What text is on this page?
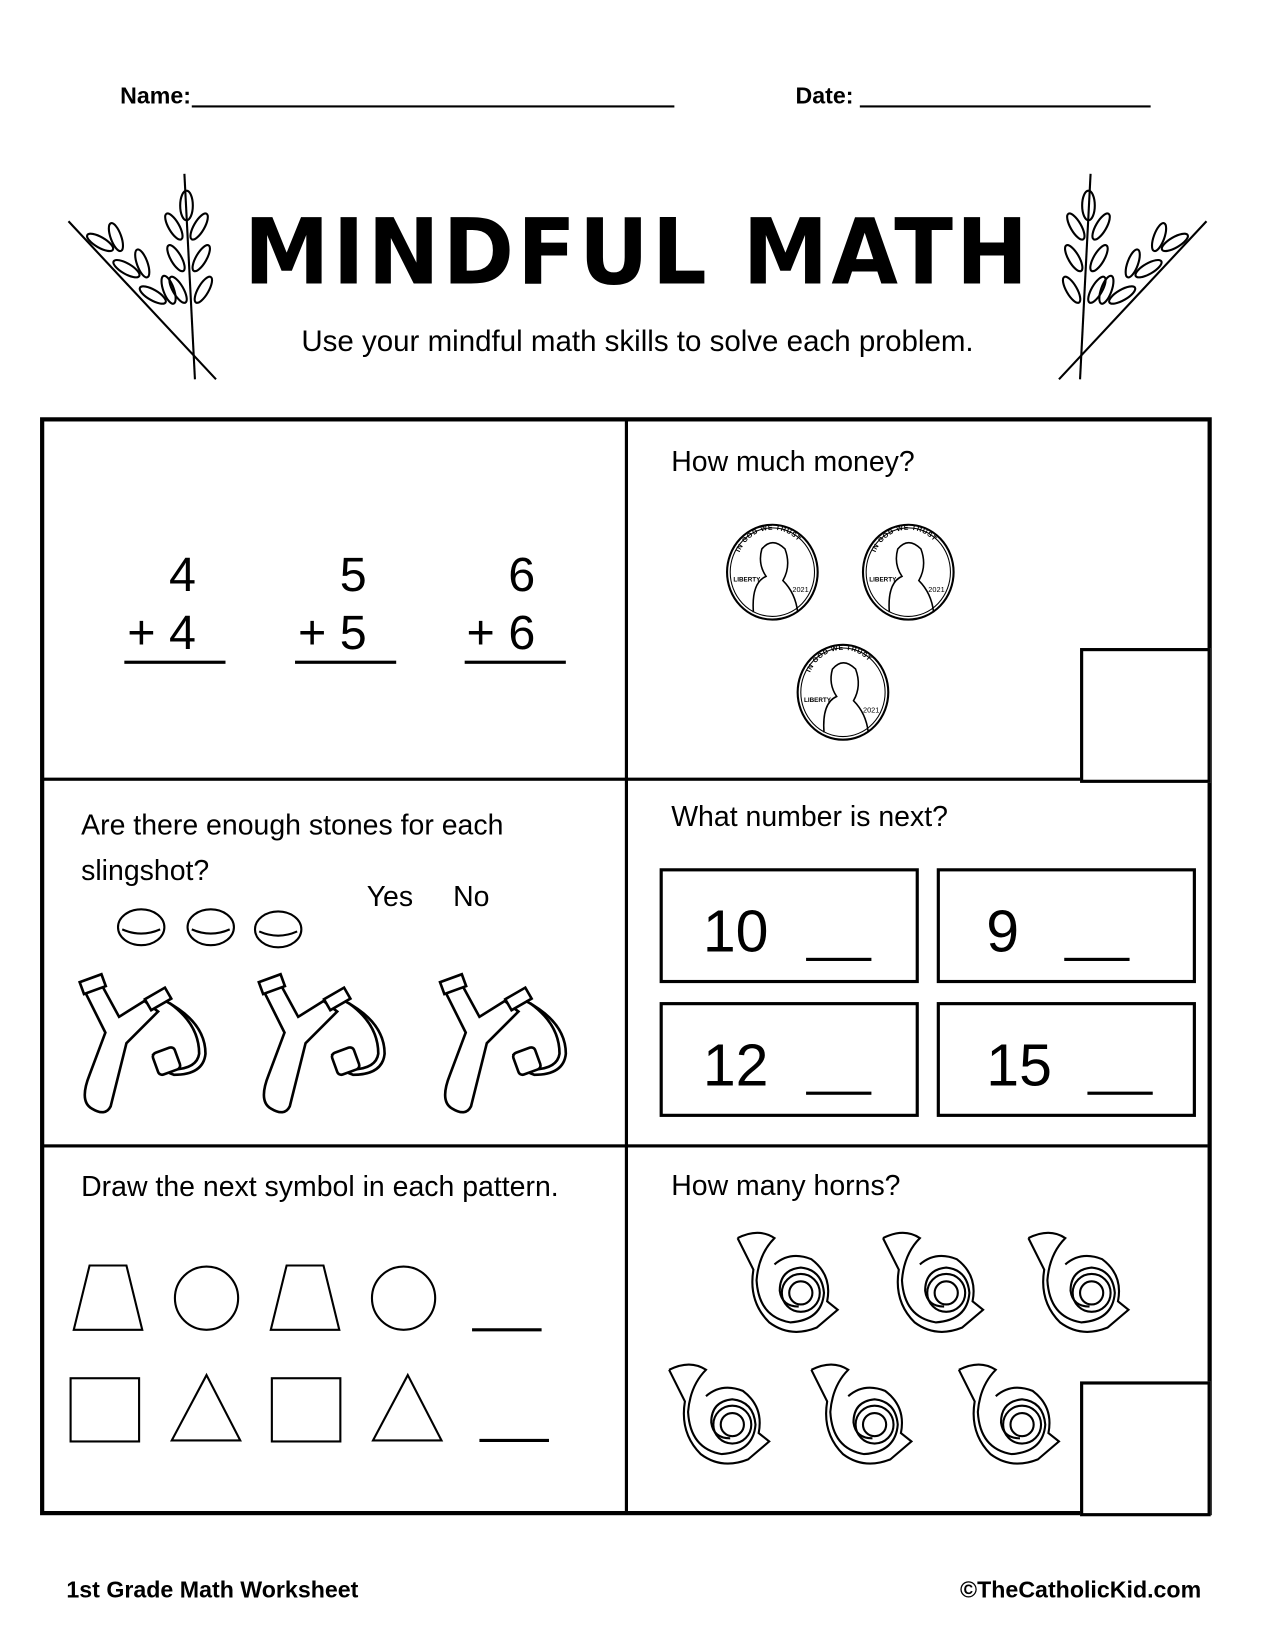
Name:	Date:
MINDFUL MATH
Use your mindful math skills to solve each problem.
4
+ 4
5
+ 5
6
+ 6
How much money?
IN GOD WE TRUST
LIBERTY
2021
IN GOD WE TRUST
LIBERTY
2021
IN GOD WE TRUST
LIBERTY
2021
Are there enough stones for each slingshot?
Yes No
What number is next?
10	9
12	15
Draw the next symbol in each pattern.	How many horns?
1st Grade Math Worksheet	©TheCatholicKid.com
